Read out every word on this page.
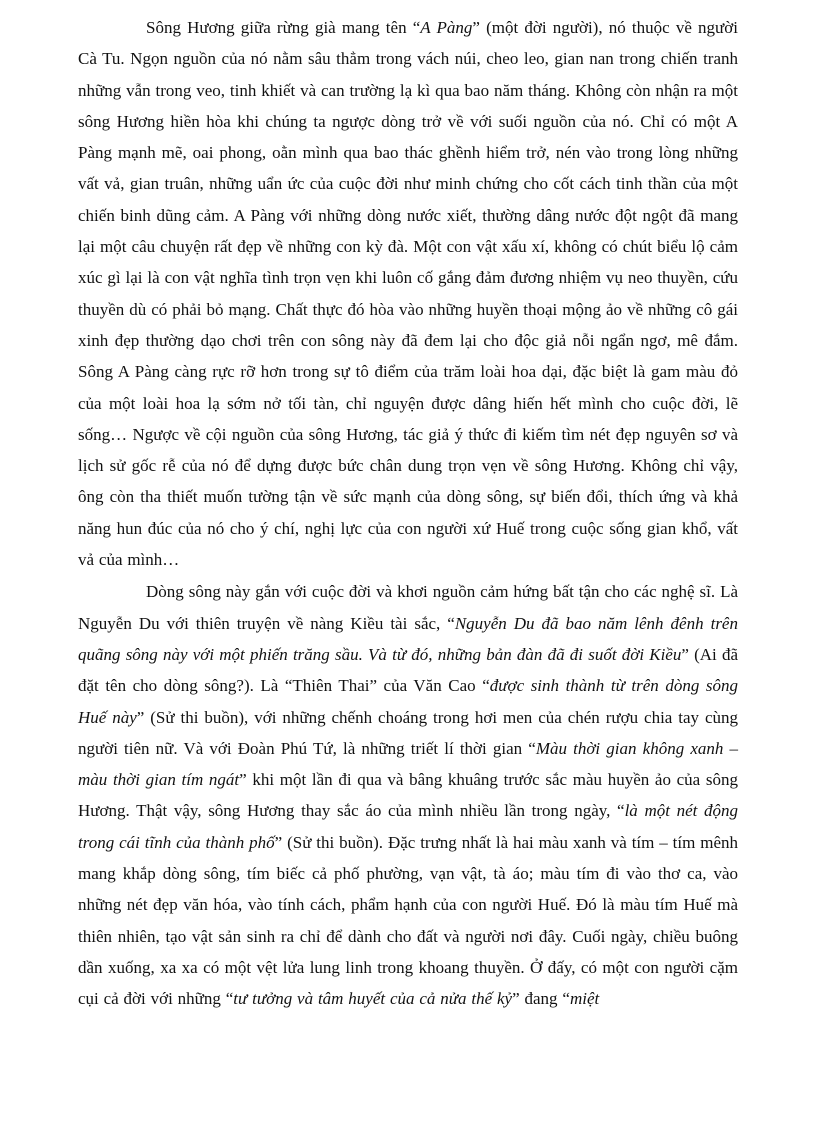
Sông Hương giữa rừng già mang tên “A Pàng” (một đời người), nó thuộc về người Cà Tu. Ngọn nguồn của nó nằm sâu thẳm trong vách núi, cheo leo, gian nan trong chiến tranh những vẫn trong veo, tinh khiết và can trường lạ kì qua bao năm tháng. Không còn nhận ra một sông Hương hiền hòa khi chúng ta ngược dòng trở về với suối nguồn của nó. Chỉ có một A Pàng mạnh mẽ, oai phong, oằn mình qua bao thác ghềnh hiểm trở, nén vào trong lòng những vất vả, gian truân, những uẩn ức của cuộc đời như minh chứng cho cốt cách tinh thần của một chiến binh dũng cảm. A Pàng với những dòng nước xiết, thường dâng nước đột ngột đã mang lại một câu chuyện rất đẹp về những con kỳ đà. Một con vật xấu xí, không có chút biểu lộ cảm xúc gì lại là con vật nghĩa tình trọn vẹn khi luôn cố gắng đảm đương nhiệm vụ neo thuyền, cứu thuyền dù có phải bỏ mạng. Chất thực đó hòa vào những huyền thoại mộng ảo về những cô gái xinh đẹp thường dạo chơi trên con sông này đã đem lại cho độc giả nỗi ngẩn ngơ, mê đắm. Sông A Pàng càng rực rỡ hơn trong sự tô điểm của trăm loài hoa dại, đặc biệt là gam màu đỏ của một loài hoa lạ sớm nở tối tàn, chỉ nguyện được dâng hiến hết mình cho cuộc đời, lẽ sống… Ngược về cội nguồn của sông Hương, tác giả ý thức đi kiếm tìm nét đẹp nguyên sơ và lịch sử gốc rễ của nó để dựng được bức chân dung trọn vẹn về sông Hương. Không chỉ vậy, ông còn tha thiết muốn tường tận về sức mạnh của dòng sông, sự biến đổi, thích ứng và khả năng hun đúc của nó cho ý chí, nghị lực của con người xứ Huế trong cuộc sống gian khổ, vất vả của mình…

Dòng sông này gắn với cuộc đời và khơi nguồn cảm hứng bất tận cho các nghệ sĩ. Là Nguyễn Du với thiên truyện về nàng Kiều tài sắc, “Nguyễn Du đã bao năm lênh đênh trên quãng sông này với một phiến trăng sầu. Và từ đó, những bản đàn đã đi suốt đời Kiều” (Ai đã đặt tên cho dòng sông?). Là “Thiên Thai” của Văn Cao “được sinh thành từ trên dòng sông Huế này” (Sử thi buồn), với những chếnh choáng trong hơi men của chén rượu chia tay cùng người tiên nữ. Và với Đoàn Phú Tứ, là những triết lí thời gian “Màu thời gian không xanh – màu thời gian tím ngát” khi một lần đi qua và bâng khuâng trước sắc màu huyền ảo của sông Hương. Thật vậy, sông Hương thay sắc áo của mình nhiều lần trong ngày, “là một nét động trong cái tĩnh của thành phố” (Sử thi buồn). Đặc trưng nhất là hai màu xanh và tím – tím mênh mang khắp dòng sông, tím biếc cả phố phường, vạn vật, tà áo; màu tím đi vào thơ ca, vào những nét đẹp văn hóa, vào tính cách, phẩm hạnh của con người Huế. Đó là màu tím Huế mà thiên nhiên, tạo vật sản sinh ra chỉ để dành cho đất và người nơi đây. Cuối ngày, chiều buông dần xuống, xa xa có một vệt lửa lung linh trong khoang thuyền. Ở đấy, có một con người cặm cụi cả đời với những “tư tưởng và tâm huyết của cả nửa thế kỷ” đang “miệt
